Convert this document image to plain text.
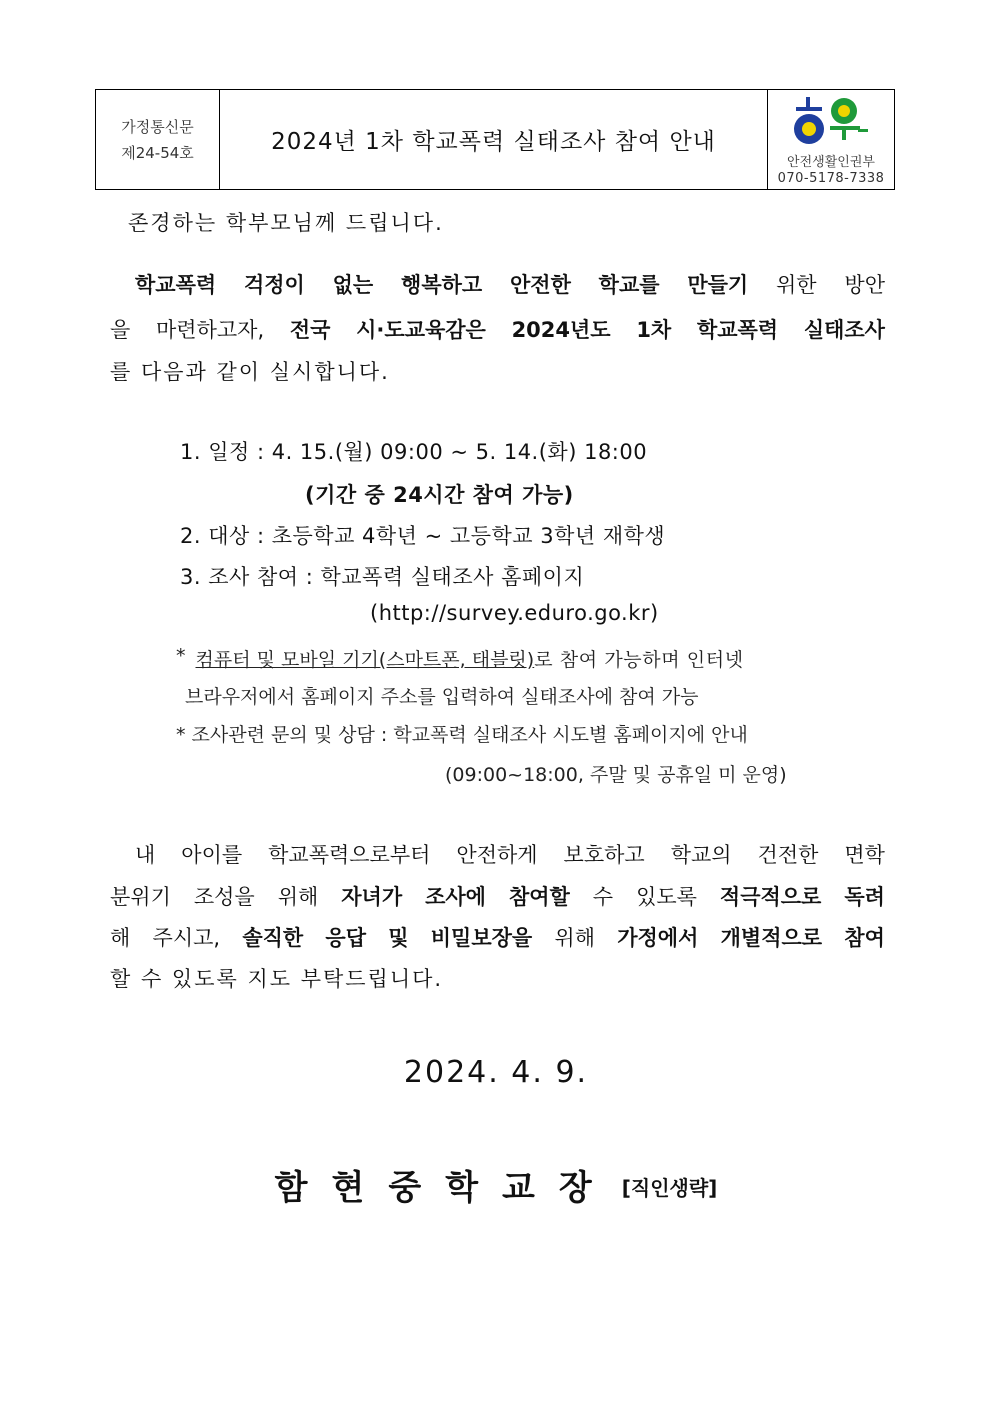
가정통신문
제24-54호	2024년 1차 학교폭력 실태조사 참여 안내
안전생활인권부
070-5178-7338
존경하는 학부모님께 드립니다.
학교폭력 걱정이 없는 행복하고 안전한 학교를 만들기 위한 방안
을 마련하고자, 전국 시·도교육감은 2024년도 1차 학교폭력 실태조사
를 다음과 같이 실시합니다.
1. 일정 : 4. 15.(월) 09:00 ~ 5. 14.(화) 18:00
(기간 중 24시간 참여 가능)
2. 대상 : 초등학교 4학년 ~ 고등학교 3학년 재학생
3. 조사 참여 : 학교폭력 실태조사 홈페이지
(http://survey.eduro.go.kr)
* 컴퓨터 및 모바일 기기(스마트폰, 태블릿) 로 참여 가능하며 인터넷
브라우저에서 홈페이지 주소를 입력하여 실태조사에 참여 가능
* 조사관련 문의 및 상담 : 학교폭력 실태조사 시도별 홈페이지에 안내
(09:00~18:00, 주말 및 공휴일 미 운영)
내 아이를 학교폭력으로부터 안전하게 보호하고 학교의 건전한 면학
분위기 조성을 위해 자녀가 조사에 참여할 수 있도록 적극적으로 독려
해 주시고, 솔직한 응답 및 비밀보장을 위해 가정에서 개별적으로 참여
할 수 있도록 지도 부탁드립니다.
2024. 4. 9.
함현중학교장 [직인생략]
